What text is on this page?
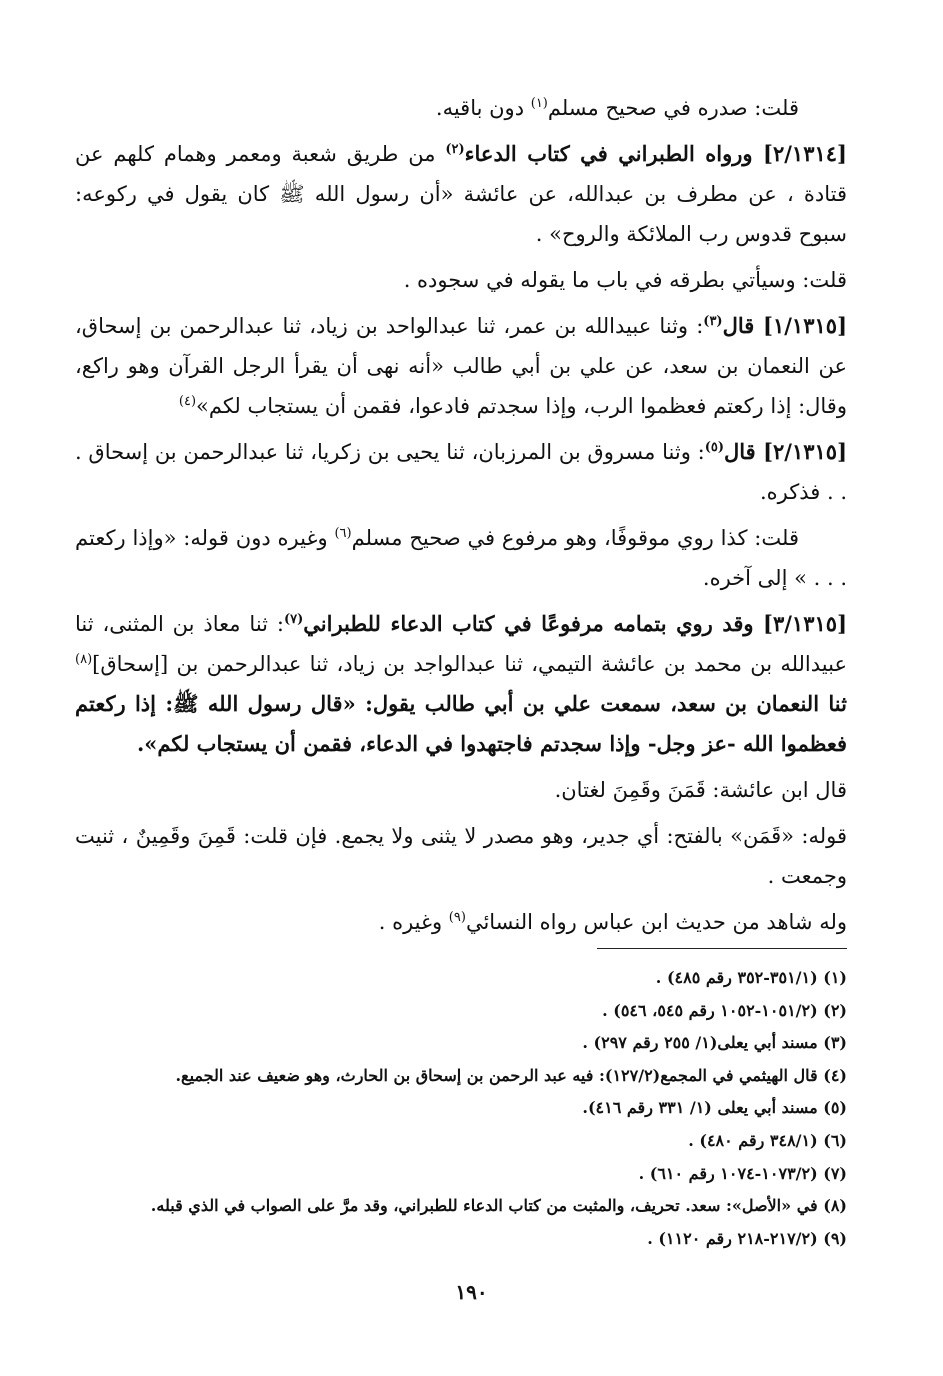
قلت: صدره في صحيح مسلم$^{(١)}$ دون باقيه.

[٢/١٣١٤] ورواه الطبراني في كتاب الدعاء$^{(٢)}$ من طريق شعبة ومعمر وهمام كلهم عن قتادة ، عن مطرف بن عبدالله، عن عائشة «أن رسول الله ﷺ كان يقول في ركوعه: سبوح قدوس رب الملائكة والروح» .

قلت: وسيأتي بطرقه في باب ما يقوله في سجوده .

[١/١٣١٥] قال$^{(٣)}$: وثنا عبيدالله بن عمر، ثنا عبدالواحد بن زياد، ثنا عبدالرحمن بن إسحاق، عن النعمان بن سعد، عن علي بن أبي طالب «أنه نهى أن يقرأ الرجل القرآن وهو راكع، وقال: إذا ركعتم فعظموا الرب، وإذا سجدتم فادعوا، فقمن أن يستجاب لكم»$^{(٤)}$

[٢/١٣١٥] قال$^{(٥)}$: وثنا مسروق بن المرزبان، ثنا يحيى بن زكريا، ثنا عبدالرحمن بن إسحاق . . . فذكره.

قلت: كذا روي موقوفًا، وهو مرفوع في صحيح مسلم$^{(٦)}$ وغيره دون قوله: «وإذا ركعتم . . . » إلى آخره.

[٣/١٣١٥] وقد روي بتمامه مرفوعًا في كتاب الدعاء للطبراني$^{(٧)}$: ثنا معاذ بن المثنى، ثنا عبيدالله بن محمد بن عائشة التيمي، ثنا عبدالواجد بن زياد، ثنا عبدالرحمن بن [إسحاق]$^{(٨)}$ ثنا النعمان بن سعد، سمعت علي بن أبي طالب يقول: «قال رسول الله ﷺ: إذا ركعتم فعظموا الله -عز وجل- وإذا سجدتم فاجتهدوا في الدعاء، فقمن أن يستجاب لكم».

قال ابن عائشة: قَمَنَ وقَمِنَ لغتان.

قوله: «قَمَن» بالفتح: أي جدير، وهو مصدر لا يثنى ولا يجمع. فإن قلت: قَمِنَ وقَمِينٌ ، ثنيت وجمعت .

وله شاهد من حديث ابن عباس رواه النسائي$^{(٩)}$ وغيره .

(١) (٣٥١/١-٣٥٢ رقم ٤٨٥) .
(٢) (١٠٥١/٢-١٠٥٢ رقم ٥٤٥، ٥٤٦) .
(٣) مسند أبي يعلى(١/ ٢٥٥ رقم ٢٩٧) .
(٤) قال الهيثمي في المجمع(١٢٧/٢): فيه عبد الرحمن بن إسحاق بن الحارث، وهو ضعيف عند الجميع.
(٥) مسند أبي يعلى (١/ ٣٣١ رقم ٤١٦).
(٦) (٣٤٨/١ رقم ٤٨٠) .
(٧) (١٠٧٣/٢-١٠٧٤ رقم ٦١٠) .
(٨) في «الأصل»: سعد. تحريف، والمثبت من كتاب الدعاء للطبراني، وقد مرَّ على الصواب في الذي قبله.
(٩) (٢١٧/٢-٢١٨ رقم ١١٢٠) .
١٩٠
